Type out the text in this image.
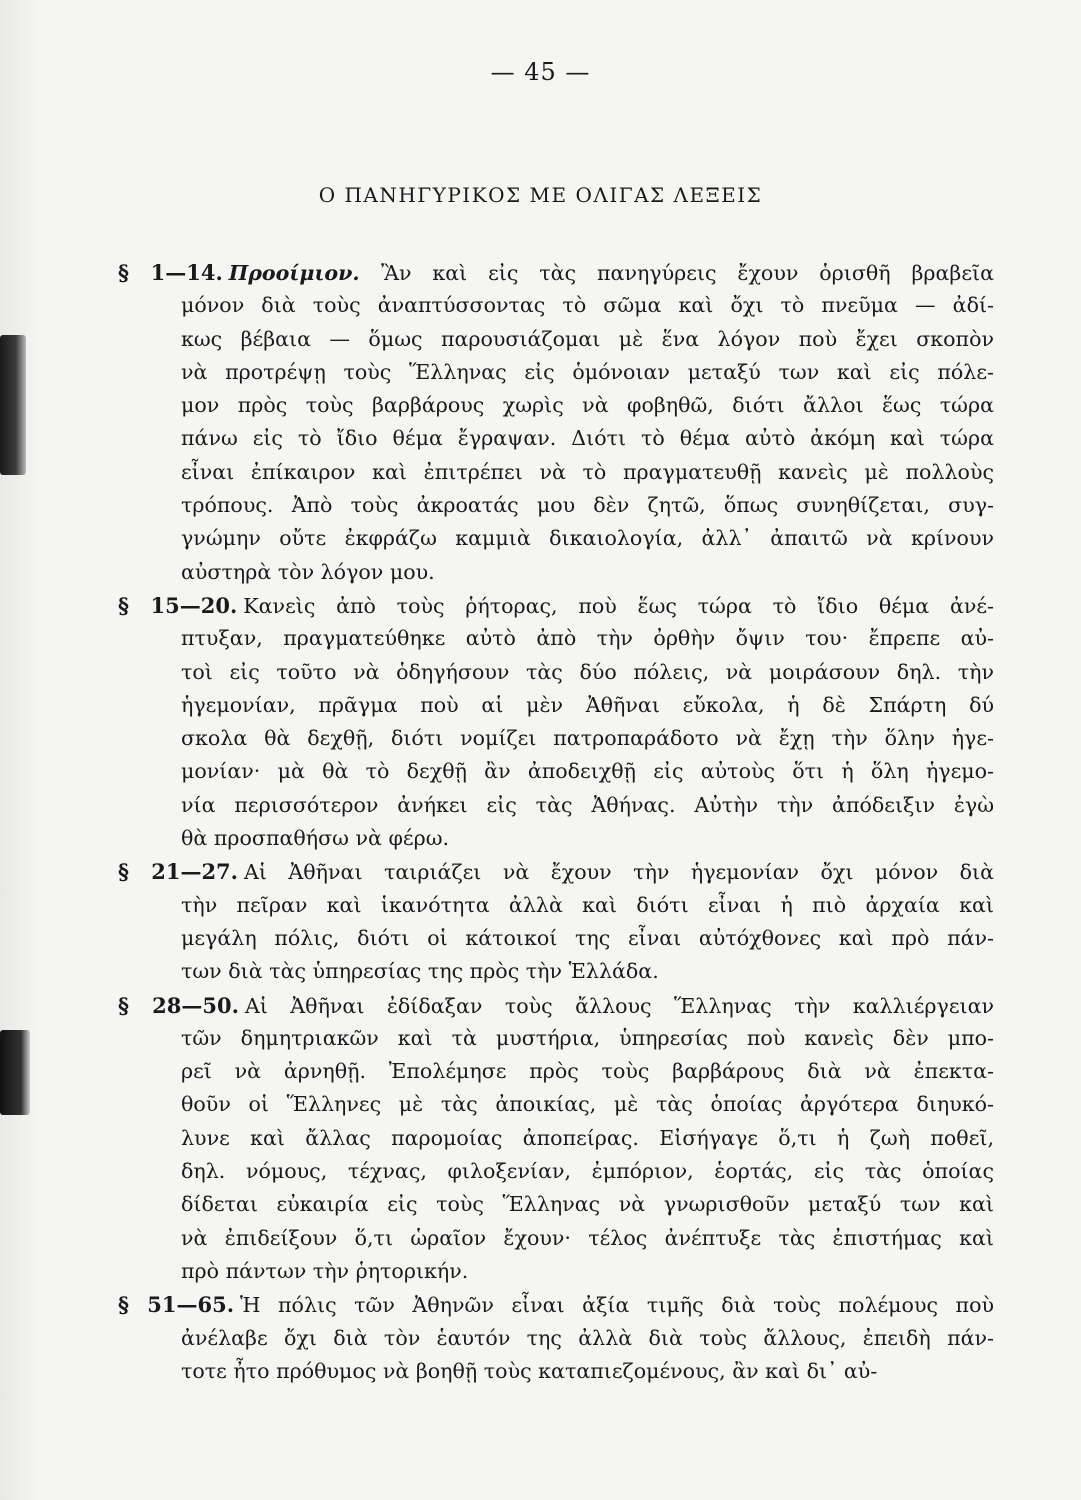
— 45 —
Ο ΠΑΝΗΓΥΡΙΚΟΣ ΜΕ ΟΛΙΓΑΣ ΛΕΞΕΙΣ
§ 1—14. Προοίμιον. Ἂν καὶ εἰς τὰς πανηγύρεις ἔχουν ὁρισθῆ βραβεῖα
μόνον διὰ τοὺς ἀναπτύσσοντας τὸ σῶμα καὶ ὄχι τὸ πνεῦμα — ἀδί-
κως βέβαια — ὅμως παρουσιάζομαι μὲ ἕνα λόγον ποὺ ἔχει σκοπὸν
νὰ προτρέψῃ τοὺς Ἕλληνας εἰς ὁμόνοιαν μεταξύ των καὶ εἰς πόλε-
μον πρὸς τοὺς βαρβάρους χωρὶς νὰ φοβηθῶ, διότι ἄλλοι ἕως τώρα
πάνω εἰς τὸ ἴδιο θέμα ἔγραψαν. Διότι τὸ θέμα αὐτὸ ἀκόμη καὶ τώρα
εἶναι ἐπίκαιρον καὶ ἐπιτρέπει νὰ τὸ πραγματευθῇ κανεὶς μὲ πολλοὺς
τρόπους. Ἀπὸ τοὺς ἀκροατάς μου δὲν ζητῶ, ὅπως συνηθίζεται, συγ-
γνώμην οὔτε ἐκφράζω καμμιὰ δικαιολογία, ἀλλ᾽ ἀπαιτῶ νὰ κρίνουν
αὐστηρὰ τὸν λόγον μου.
§ 15—20. Κανεὶς ἀπὸ τοὺς ῥήτορας, ποὺ ἕως τώρα τὸ ἴδιο θέμα ἀνέ-
πτυξαν, πραγματεύθηκε αὐτὸ ἀπὸ τὴν ὀρθὴν ὄψιν του· ἔπρεπε αὐ-
τοὶ εἰς τοῦτο νὰ ὁδηγήσουν τὰς δύο πόλεις, νὰ μοιράσουν δηλ. τὴν
ἡγεμονίαν, πρᾶγμα ποὺ αἱ μὲν Ἀθῆναι εὔκολα, ἡ δὲ Σπάρτη δύ
σκολα θὰ δεχθῇ, διότι νομίζει πατροπαράδοτο νὰ ἔχῃ τὴν ὅλην ἡγε-
μονίαν· μὰ θὰ τὸ δεχθῇ ἂν ἀποδειχθῇ εἰς αὐτοὺς ὅτι ἡ ὅλη ἡγεμο-
νία περισσότερον ἀνήκει εἰς τὰς Ἀθήνας. Αὐτὴν τὴν ἀπόδειξιν ἐγὼ
θὰ προσπαθήσω νὰ φέρω.
§ 21—27. Αἱ Ἀθῆναι ταιριάζει νὰ ἔχουν τὴν ἡγεμονίαν ὄχι μόνον διὰ
τὴν πεῖραν καὶ ἱκανότητα ἀλλὰ καὶ διότι εἶναι ἡ πιὸ ἀρχαία καὶ
μεγάλη πόλις, διότι οἱ κάτοικοί της εἶναι αὐτόχθονες καὶ πρὸ πάν-
των διὰ τὰς ὑπηρεσίας της πρὸς τὴν Ἑλλάδα.
§ 28—50. Αἱ Ἀθῆναι ἐδίδαξαν τοὺς ἄλλους Ἕλληνας τὴν καλλιέργειαν
τῶν δημητριακῶν καὶ τὰ μυστήρια, ὑπηρεσίας ποὺ κανεὶς δὲν μπο-
ρεῖ νὰ ἀρνηθῇ. Ἐπολέμησε πρὸς τοὺς βαρβάρους διὰ νὰ ἐπεκτα-
θοῦν οἱ Ἕλληνες μὲ τὰς ἀποικίας, μὲ τὰς ὁποίας ἀργότερα διηυκό-
λυνε καὶ ἄλλας παρομοίας ἀποπείρας. Εἰσήγαγε ὅ,τι ἡ ζωὴ ποθεῖ,
δηλ. νόμους, τέχνας, φιλοξενίαν, ἐμπόριον, ἑορτάς, εἰς τὰς ὁποίας
δίδεται εὐκαιρία εἰς τοὺς Ἕλληνας νὰ γνωρισθοῦν μεταξύ των καὶ
νὰ ἐπιδείξουν ὅ,τι ὡραῖον ἔχουν· τέλος ἀνέπτυξε τὰς ἐπιστήμας καὶ
πρὸ πάντων τὴν ῥητορικήν.
§ 51—65. Ἡ πόλις τῶν Ἀθηνῶν εἶναι ἀξία τιμῆς διὰ τοὺς πολέμους ποὺ
ἀνέλαβε ὄχι διὰ τὸν ἑαυτόν της ἀλλὰ διὰ τοὺς ἄλλους, ἐπειδὴ πάν-
τοτε ἦτο πρόθυμος νὰ βοηθῇ τοὺς καταπιεζομένους, ἂν καὶ δι᾽ αὐ-
